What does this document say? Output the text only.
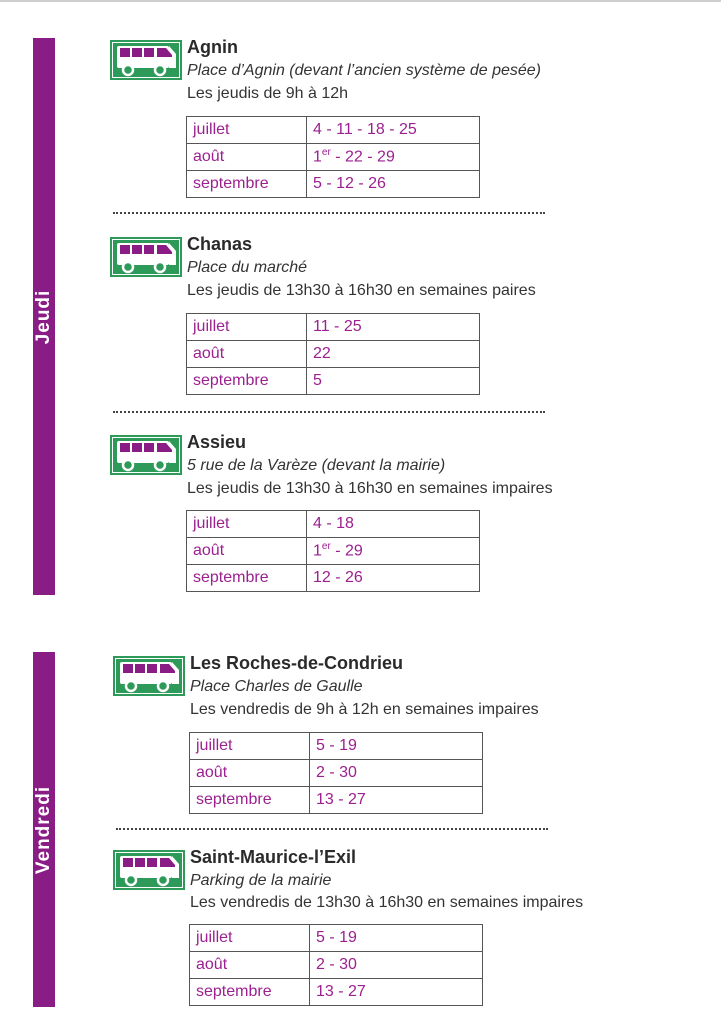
Jeudi
Vendredi
Agnin
Place d’Agnin (devant l’ancien système de pesée)
Les jeudis de 9h à 12h
juillet	4 - 11 - 18 - 25
août	1er - 22 - 29
septembre	5 - 12 - 26
Chanas
Place du marché
Les jeudis de 13h30 à 16h30 en semaines paires
juillet	11 - 25
août	22
septembre	5
Assieu
5 rue de la Varèze (devant la mairie)
Les jeudis de 13h30 à 16h30 en semaines impaires
juillet	4 - 18
août	1er - 29
septembre	12 - 26
Les Roches-de-Condrieu
Place Charles de Gaulle
Les vendredis de 9h à 12h en semaines impaires
juillet	5 - 19
août	2 - 30
septembre	13 - 27
Saint-Maurice-l’Exil
Parking de la mairie
Les vendredis de 13h30 à 16h30 en semaines impaires
juillet	5 - 19
août	2 - 30
septembre	13 - 27
